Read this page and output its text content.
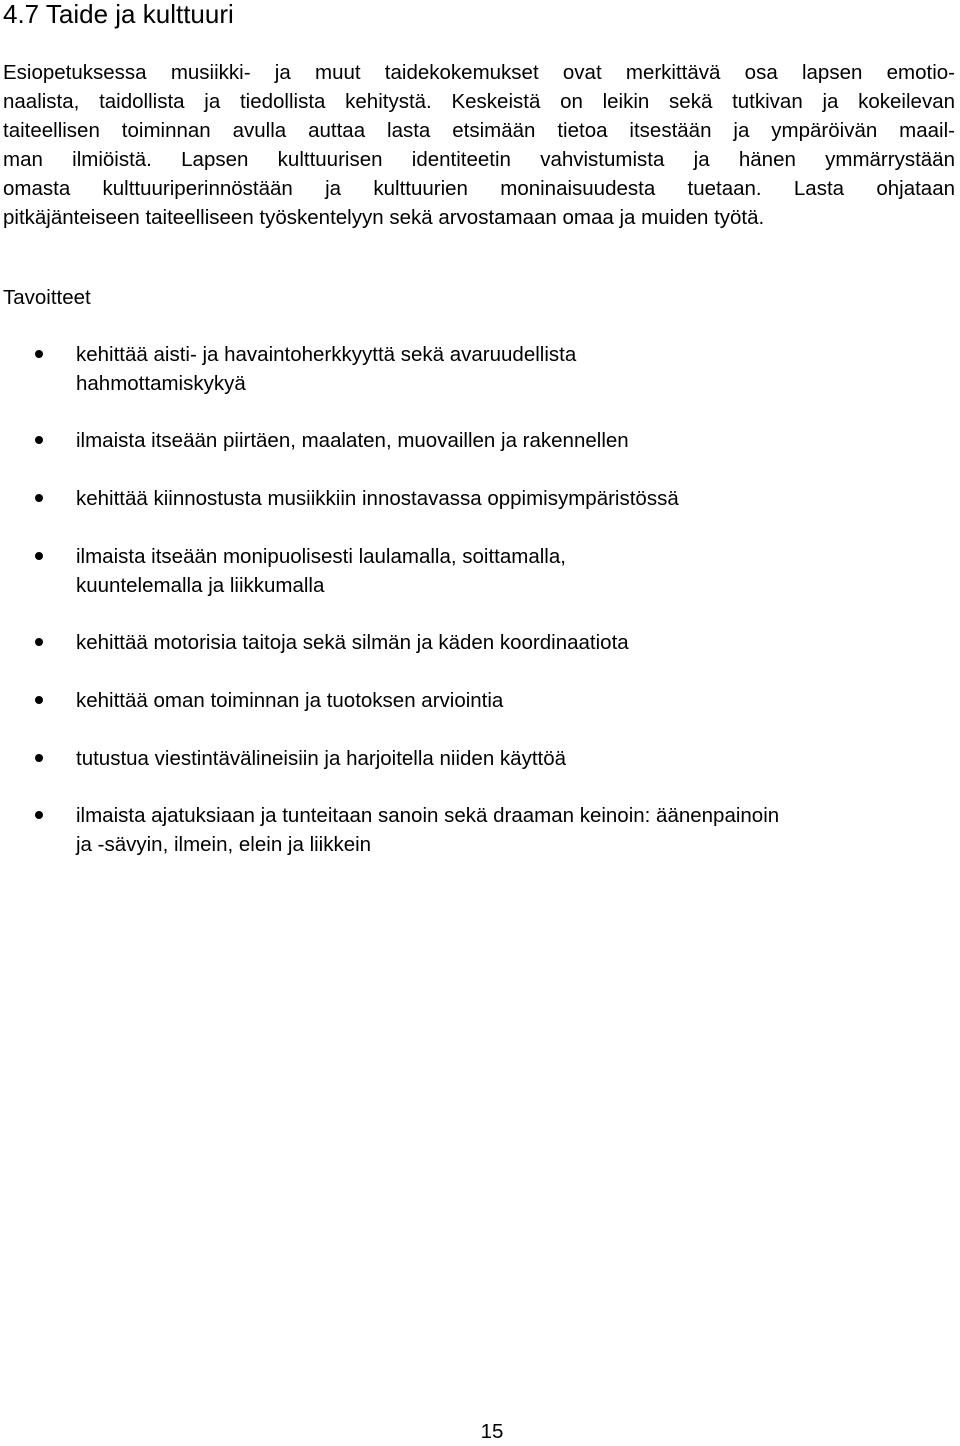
4.7 Taide ja kulttuuri
Esiopetuksessa musiikki- ja muut taidekokemukset ovat merkittävä osa lapsen emotio-
naalista, taidollista ja tiedollista kehitystä. Keskeistä on leikin sekä tutkivan ja kokeilevan
taiteellisen toiminnan avulla auttaa lasta etsimään tietoa itsestään ja ympäröivän maail-
man ilmiöistä. Lapsen kulttuurisen identiteetin vahvistumista ja hänen ymmärrystään
omasta kulttuuriperinnöstään ja kulttuurien moninaisuudesta tuetaan. Lasta ohjataan
pitkäjänteiseen taiteelliseen työskentelyyn sekä arvostamaan omaa ja muiden työtä.
Tavoitteet
kehittää aisti- ja havaintoherkkyyttä sekä avaruudellista
hahmottamiskykyä
ilmaista itseään piirtäen, maalaten, muovaillen ja rakennellen
kehittää kiinnostusta musiikkiin innostavassa oppimisympäristössä
ilmaista itseään monipuolisesti laulamalla, soittamalla,
kuuntelemalla ja liikkumalla
kehittää motorisia taitoja sekä silmän ja käden koordinaatiota
kehittää oman toiminnan ja tuotoksen arviointia
tutustua viestintävälineisiin ja harjoitella niiden käyttöä
ilmaista ajatuksiaan ja tunteitaan sanoin sekä draaman keinoin: äänenpainoin
ja -sävyin, ilmein, elein ja liikkein
15
